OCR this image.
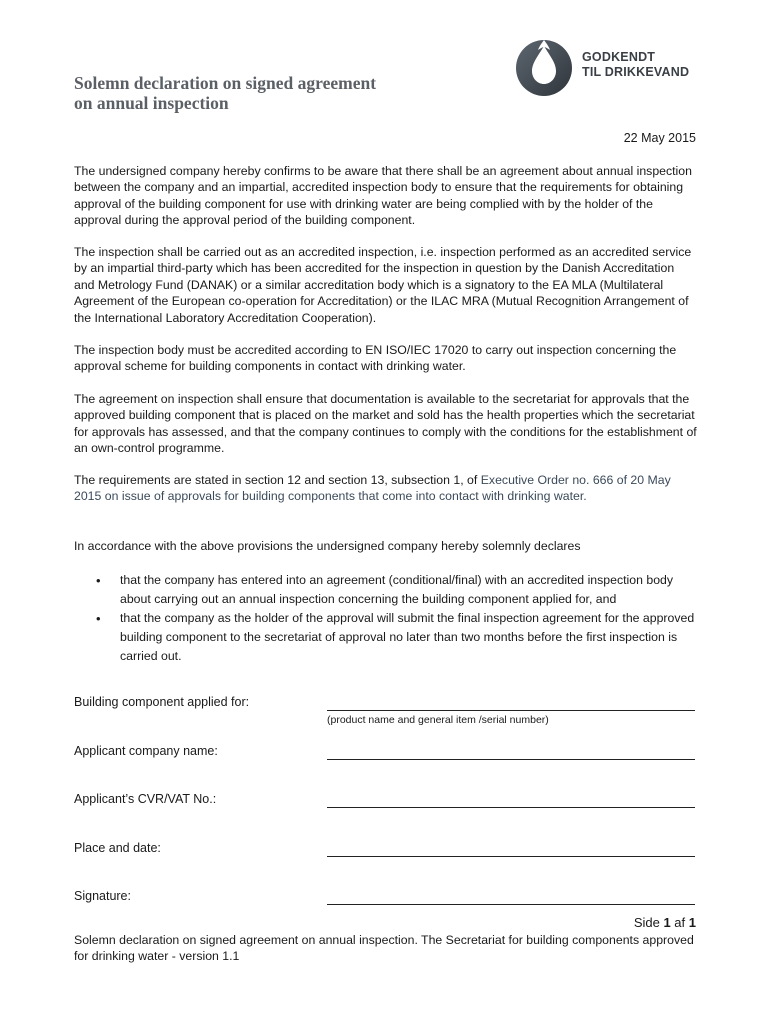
GODKENDT
TIL DRIKKEVAND
Solemn declaration on signed agreement
on annual inspection
22 May 2015

The undersigned company hereby confirms to be aware that there shall be an agreement about annual inspection between the company and an impartial, accredited inspection body to ensure that the requirements for obtaining approval of the building component for use with drinking water are being complied with by the holder of the approval during the approval period of the building component.

The inspection shall be carried out as an accredited inspection, i.e. inspection performed as an accredited service by an impartial third-party which has been accredited for the inspection in question by the Danish Accreditation and Metrology Fund (DANAK) or a similar accreditation body which is a signatory to the EA MLA (Multilateral Agreement of the European co-operation for Accreditation) or the ILAC MRA (Mutual Recognition Arrangement of the International Laboratory Accreditation Cooperation).

The inspection body must be accredited according to EN ISO/IEC 17020 to carry out inspection concerning the approval scheme for building components in contact with drinking water.

The agreement on inspection shall ensure that documentation is available to the secretariat for approvals that the approved building component that is placed on the market and sold has the health properties which the secretariat for approvals has assessed, and that the company continues to comply with the conditions for the establishment of an own-control programme.

The requirements are stated in section 12 and section 13, subsection 1, of Executive Order no. 666 of 20 May 2015 on issue of approvals for building components that come into contact with drinking water.

In accordance with the above provisions the undersigned company hereby solemnly declares

• that the company has entered into an agreement (conditional/final) with an accredited inspection body about carrying out an annual inspection concerning the building component applied for, and
• that the company as the holder of the approval will submit the final inspection agreement for the approved building component to the secretariat of approval no later than two months before the first inspection is carried out.
Building component applied for:
(product name and general item /serial number)
Applicant company name:
Applicant’s CVR/VAT No.:
Place and date:
Signature:
Side 1 af 1

Solemn declaration on signed agreement on annual inspection. The Secretariat for building components approved for drinking water - version 1.1
